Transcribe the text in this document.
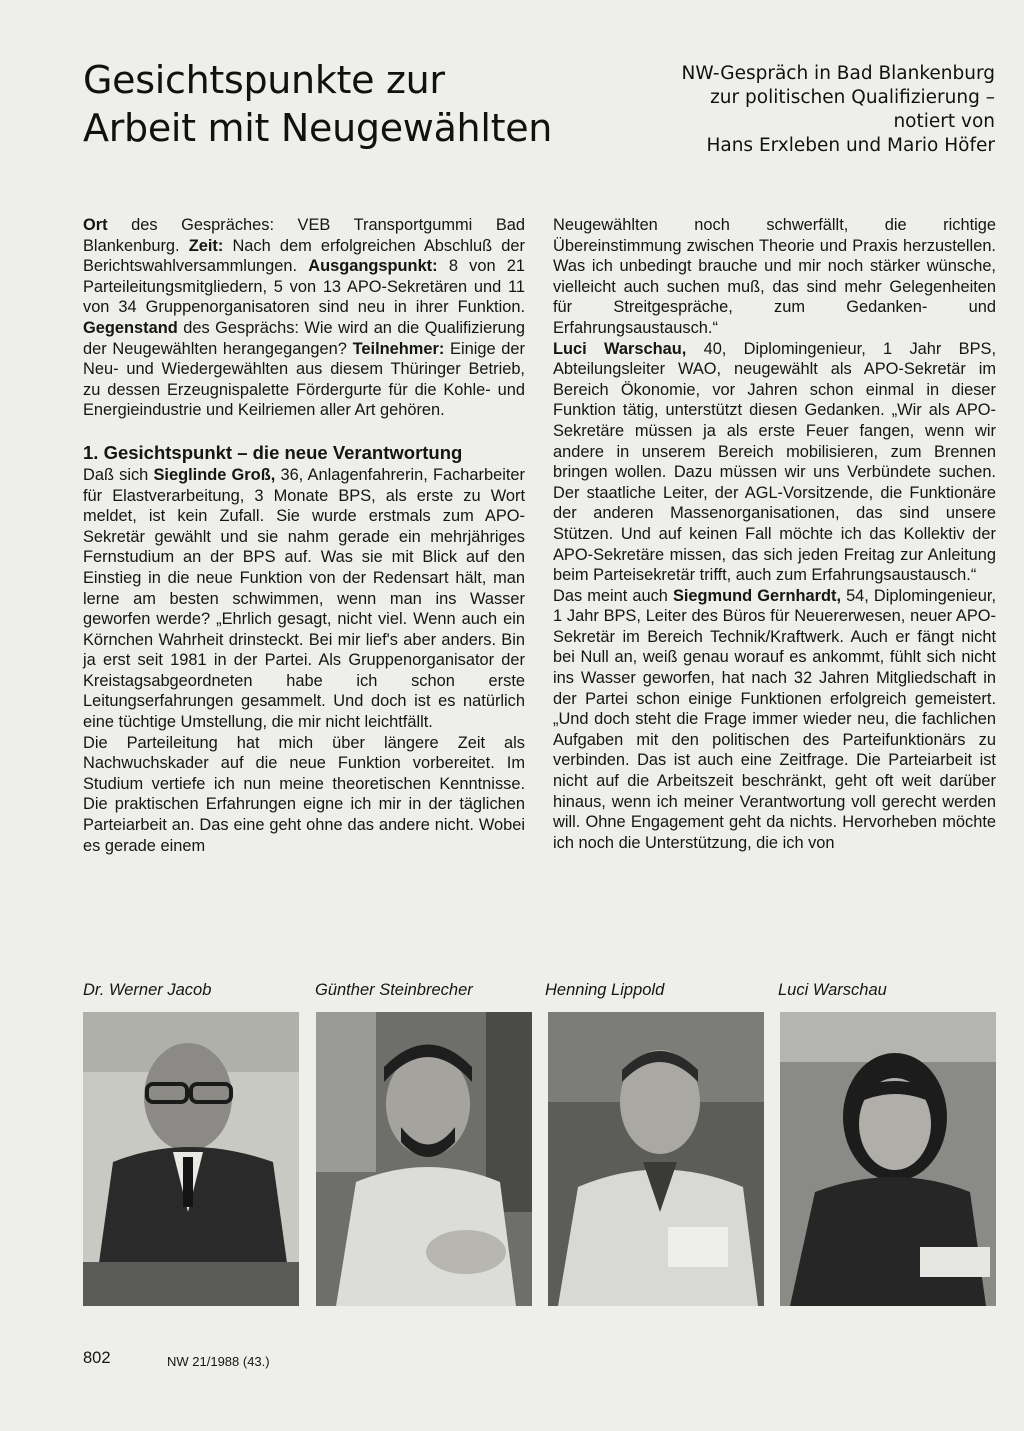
Gesichtspunkte zur
Arbeit mit Neugewählten
NW-Gespräch in Bad Blankenburg
zur politischen Qualifizierung –
notiert von
Hans Erxleben und Mario Höfer

Ort des Gespräches: VEB Transportgummi Bad Blankenburg. Zeit: Nach dem erfolgreichen Abschluß der Berichtswahlversammlungen. Ausgangspunkt: 8 von 21 Parteileitungsmitgliedern, 5 von 13 APO-Sekretären und 11 von 34 Gruppenorganisatoren sind neu in ihrer Funktion. Gegenstand des Gesprächs: Wie wird an die Qualifizierung der Neugewählten herangegangen? Teilnehmer: Einige der Neu- und Wiedergewählten aus diesem Thüringer Betrieb, zu dessen Erzeugnispalette Fördergurte für die Kohle- und Energieindustrie und Keilriemen aller Art gehören.

1. Gesichtspunkt – die neue Verantwortung

Daß sich Sieglinde Groß, 36, Anlagenfahrerin, Facharbeiter für Elastverarbeitung, 3 Monate BPS, als erste zu Wort meldet, ist kein Zufall. Sie wurde erstmals zum APO-Sekretär gewählt und sie nahm gerade ein mehrjähriges Fernstudium an der BPS auf. Was sie mit Blick auf den Einstieg in die neue Funktion von der Redensart hält, man lerne am besten schwimmen, wenn man ins Wasser geworfen werde? „Ehrlich gesagt, nicht viel. Wenn auch ein Körnchen Wahrheit drinsteckt. Bei mir lief's aber anders. Bin ja erst seit 1981 in der Partei. Als Gruppenorganisator der Kreistagsabgeordneten habe ich schon erste Leitungserfahrungen gesammelt. Und doch ist es natürlich eine tüchtige Umstellung, die mir nicht leichtfällt.

Die Parteileitung hat mich über längere Zeit als Nachwuchskader auf die neue Funktion vorbereitet. Im Studium vertiefe ich nun meine theoretischen Kenntnisse. Die praktischen Erfahrungen eigne ich mir in der täglichen Parteiarbeit an. Das eine geht ohne das andere nicht. Wobei es gerade einem

Neugewählten noch schwerfällt, die richtige Übereinstimmung zwischen Theorie und Praxis herzustellen. Was ich unbedingt brauche und mir noch stärker wünsche, vielleicht auch suchen muß, das sind mehr Gelegenheiten für Streitgespräche, zum Gedanken- und Erfahrungsaustausch.“

Luci Warschau, 40, Diplomingenieur, 1 Jahr BPS, Abteilungsleiter WAO, neugewählt als APO-Sekretär im Bereich Ökonomie, vor Jahren schon einmal in dieser Funktion tätig, unterstützt diesen Gedanken. „Wir als APO-Sekretäre müssen ja als erste Feuer fangen, wenn wir andere in unserem Bereich mobilisieren, zum Brennen bringen wollen. Dazu müssen wir uns Verbündete suchen. Der staatliche Leiter, der AGL-Vorsitzende, die Funktionäre der anderen Massenorganisationen, das sind unsere Stützen. Und auf keinen Fall möchte ich das Kollektiv der APO-Sekretäre missen, das sich jeden Freitag zur Anleitung beim Parteisekretär trifft, auch zum Erfahrungsaustausch.“

Das meint auch Siegmund Gernhardt, 54, Diplomingenieur, 1 Jahr BPS, Leiter des Büros für Neuererwesen, neuer APO-Sekretär im Bereich Technik/Kraftwerk. Auch er fängt nicht bei Null an, weiß genau worauf es ankommt, fühlt sich nicht ins Wasser geworfen, hat nach 32 Jahren Mitgliedschaft in der Partei schon einige Funktionen erfolgreich gemeistert. „Und doch steht die Frage immer wieder neu, die fachlichen Aufgaben mit den politischen des Parteifunktionärs zu verbinden. Das ist auch eine Zeitfrage. Die Parteiarbeit ist nicht auf die Arbeitszeit beschränkt, geht oft weit darüber hinaus, wenn ich meiner Verantwortung voll gerecht werden will. Ohne Engagement geht da nichts. Hervorheben möchte ich noch die Unterstützung, die ich von

Dr. Werner Jacob	Günther Steinbrecher	Henning Lippold	Luci Warschau
802	NW 21/1988 (43.)
